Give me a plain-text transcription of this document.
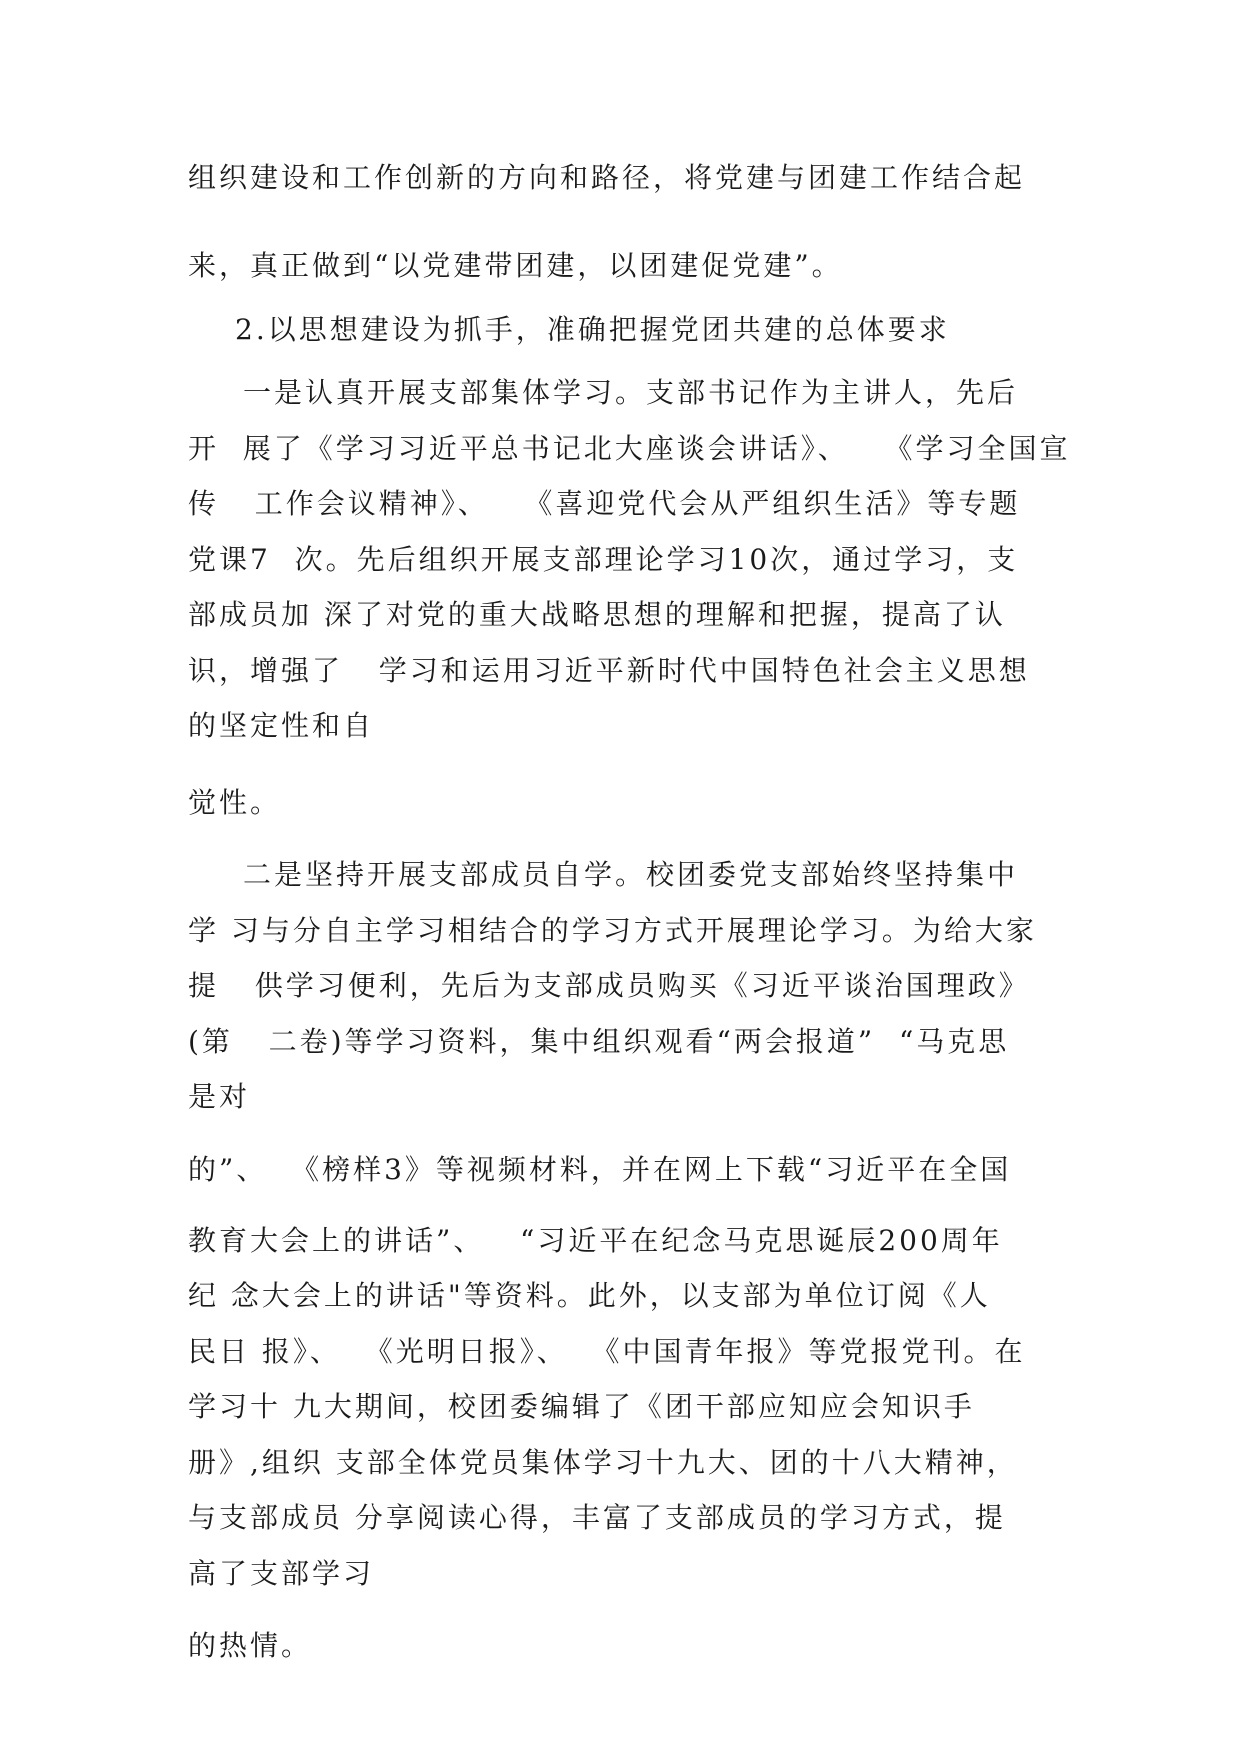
组织建设和工作创新的方向和路径，将党建与团建工作结合起
来，真正做到“以党建带团建，以团建促党建”。
2.以思想建设为抓手，准确把握党团共建的总体要求
一是认真开展支部集体学习。支部书记作为主讲人，先后
开  展了《学习习近平总书记北大座谈会讲话》、   《学习全国宣
传   工作会议精神》、   《喜迎党代会从严组织生活》等专题
党课7  次。先后组织开展支部理论学习10次，通过学习，支
部成员加 深了对党的重大战略思想的理解和把握，提高了认
识，增强了   学习和运用习近平新时代中国特色社会主义思想
的坚定性和自
觉性。
二是坚持开展支部成员自学。校团委党支部始终坚持集中
学 习与分自主学习相结合的学习方式开展理论学习。为给大家
提   供学习便利，先后为支部成员购买《习近平谈治国理政》
(第   二卷)等学习资料，集中组织观看“两会报道”  “马克思
是对
的”、  《榜样3》等视频材料，并在网上下载“习近平在全国
教育大会上的讲话”、   “习近平在纪念马克思诞辰200周年
纪 念大会上的讲话"等资料。此外，以支部为单位订阅《人
民日 报》、  《光明日报》、  《中国青年报》等党报党刊。在
学习十 九大期间，校团委编辑了《团干部应知应会知识手
册》,组织 支部全体党员集体学习十九大、团的十八大精神，
与支部成员 分享阅读心得，丰富了支部成员的学习方式，提
高了支部学习
的热情。
